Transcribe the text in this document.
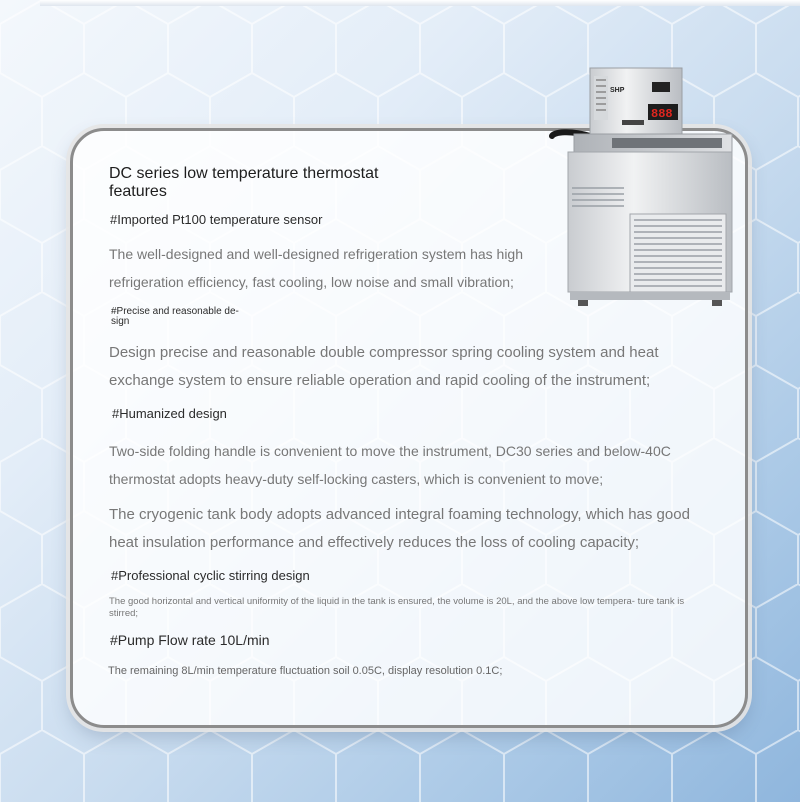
DC series low temperature thermostat features
#Imported Pt100 temperature sensor
The well-designed and well-designed refrigeration system has high refrigeration efficiency, fast cooling, low noise and small vibration;
#Precise and reasonable de- sign
Design precise and reasonable double compressor spring cooling system and heat exchange system to ensure reliable operation and rapid cooling of the instrument;
#Humanized design
Two-side folding handle is convenient to move the instrument, DC30 series and below-40C thermostat adopts heavy-duty self-locking casters, which is convenient to move;
The cryogenic tank body adopts advanced integral foaming technology, which has good heat insulation performance and effectively reduces the loss of cooling capacity;
#Professional cyclic stirring design
The good horizontal and vertical uniformity of the liquid in the tank is ensured, the volume is 20L, and the above low tempera- ture tank is stirred;
#Pump Flow rate 10L/min
The remaining 8L/min temperature fluctuation soil 0.05C, display resolution 0.1C;
SHP
888
